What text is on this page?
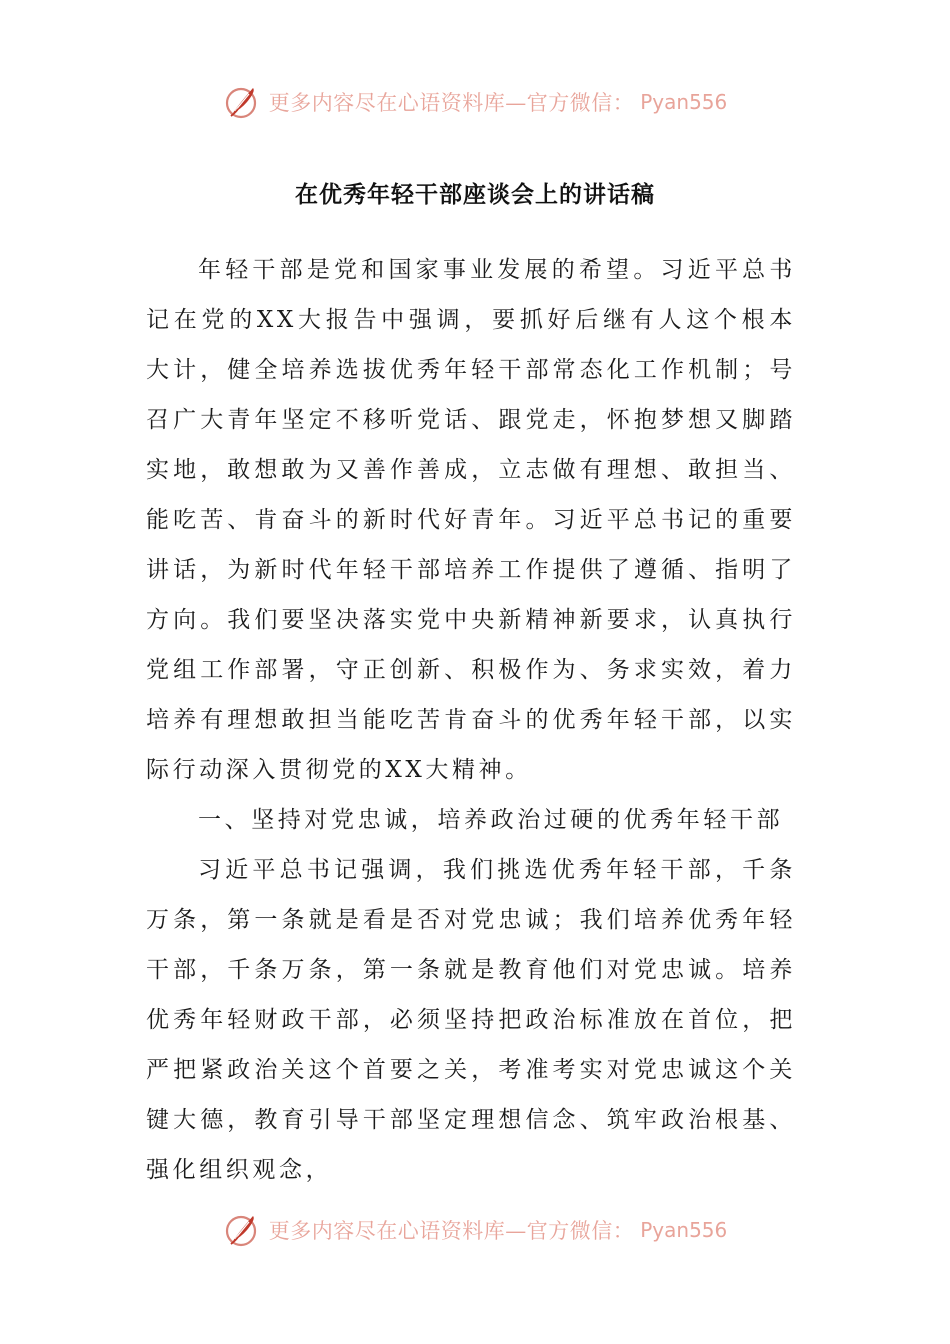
更多内容尽在心语资料库—官方微信： Pyan556
在优秀年轻干部座谈会上的讲话稿

年轻干部是党和国家事业发展的希望。习近平总书记在党的XX大报告中强调，要抓好后继有人这个根本大计，健全培养选拔优秀年轻干部常态化工作机制；号召广大青年坚定不移听党话、跟党走，怀抱梦想又脚踏实地，敢想敢为又善作善成，立志做有理想、敢担当、能吃苦、肯奋斗的新时代好青年。习近平总书记的重要讲话，为新时代年轻干部培养工作提供了遵循、指明了方向。我们要坚决落实党中央新精神新要求，认真执行党组工作部署，守正创新、积极作为、务求实效，着力培养有理想敢担当能吃苦肯奋斗的优秀年轻干部，以实际行动深入贯彻党的XX大精神。

一、坚持对党忠诚，培养政治过硬的优秀年轻干部

习近平总书记强调，我们挑选优秀年轻干部，千条万条，第一条就是看是否对党忠诚；我们培养优秀年轻干部，千条万条，第一条就是教育他们对党忠诚。培养优秀年轻财政干部，必须坚持把政治标准放在首位，把严把紧政治关这个首要之关，考准考实对党忠诚这个关键大德，教育引导干部坚定理想信念、筑牢政治根基、强化组织观念，

更多内容尽在心语资料库—官方微信： Pyan556
